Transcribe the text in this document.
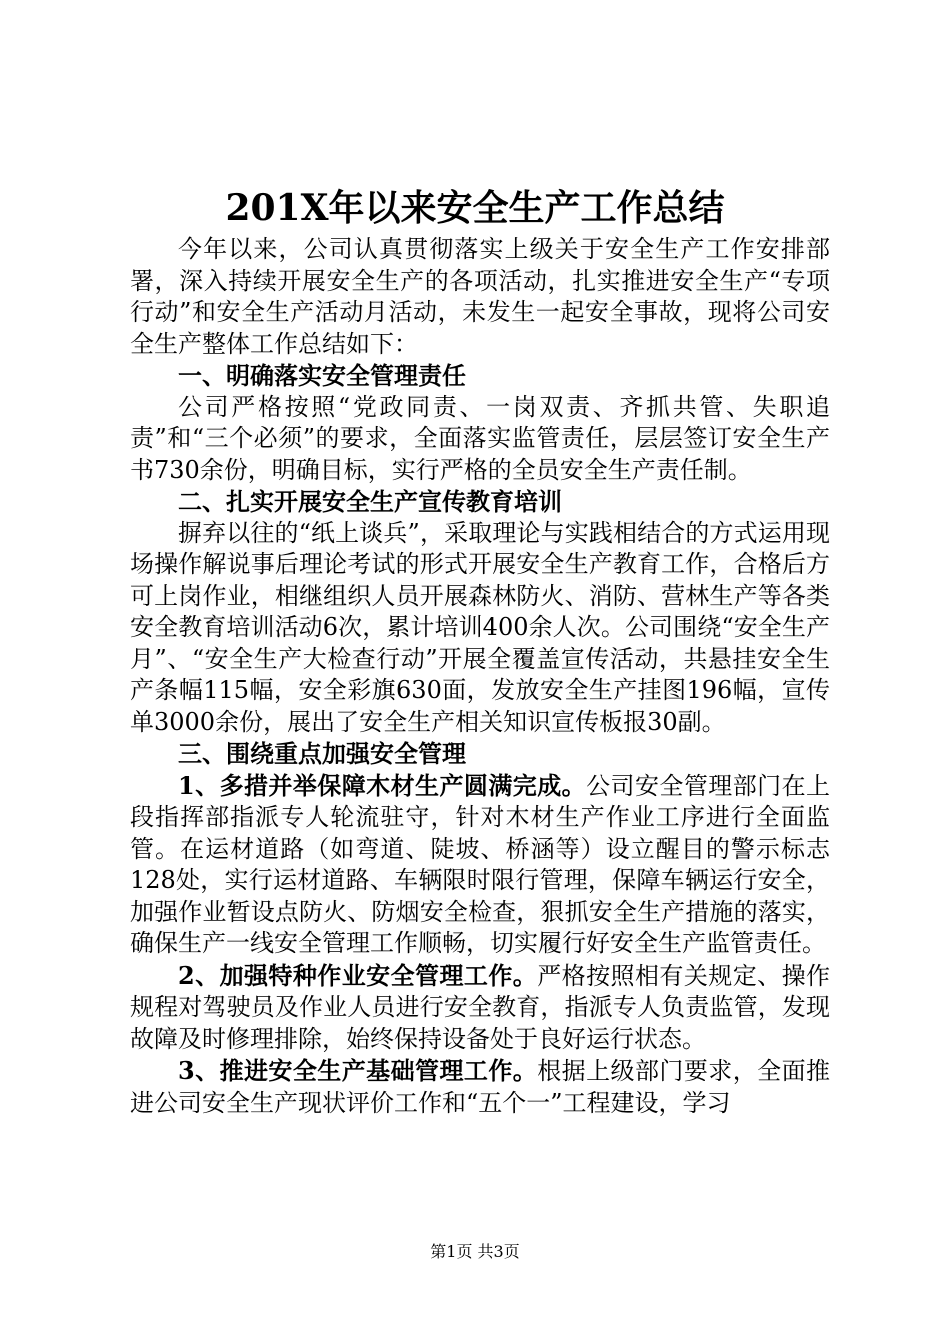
201X年以来安全生产工作总结

今年以来，公司认真贯彻落实上级关于安全生产工作安排部署，深入持续开展安全生产的各项活动，扎实推进安全生产“专项行动”和安全生产活动月活动，未发生一起安全事故，现将公司安全生产整体工作总结如下：

一、明确落实安全管理责任

公司严格按照“党政同责、一岗双责、齐抓共管、失职追责”和“三个必须”的要求，全面落实监管责任，层层签订安全生产书730余份，明确目标，实行严格的全员安全生产责任制。

二、扎实开展安全生产宣传教育培训

摒弃以往的“纸上谈兵”，采取理论与实践相结合的方式运用现场操作解说事后理论考试的形式开展安全生产教育工作，合格后方可上岗作业，相继组织人员开展森林防火、消防、营林生产等各类安全教育培训活动6次，累计培训400余人次。公司围绕“安全生产月”、“安全生产大检查行动”开展全覆盖宣传活动，共悬挂安全生产条幅115幅，安全彩旗630面，发放安全生产挂图196幅，宣传单3000余份，展出了安全生产相关知识宣传板报30副。

三、围绕重点加强安全管理

1、多措并举保障木材生产圆满完成。公司安全管理部门在上段指挥部指派专人轮流驻守，针对木材生产作业工序进行全面监管。在运材道路（如弯道、陡坡、桥涵等）设立醒目的警示标志128处，实行运材道路、车辆限时限行管理，保障车辆运行安全，加强作业暂设点防火、防烟安全检查，狠抓安全生产措施的落实，确保生产一线安全管理工作顺畅，切实履行好安全生产监管责任。

2、加强特种作业安全管理工作。严格按照相有关规定、操作规程对驾驶员及作业人员进行安全教育，指派专人负责监管，发现故障及时修理排除，始终保持设备处于良好运行状态。

3、推进安全生产基础管理工作。根据上级部门要求，全面推进公司安全生产现状评价工作和“五个一”工程建设，学习

第1页 共3页
